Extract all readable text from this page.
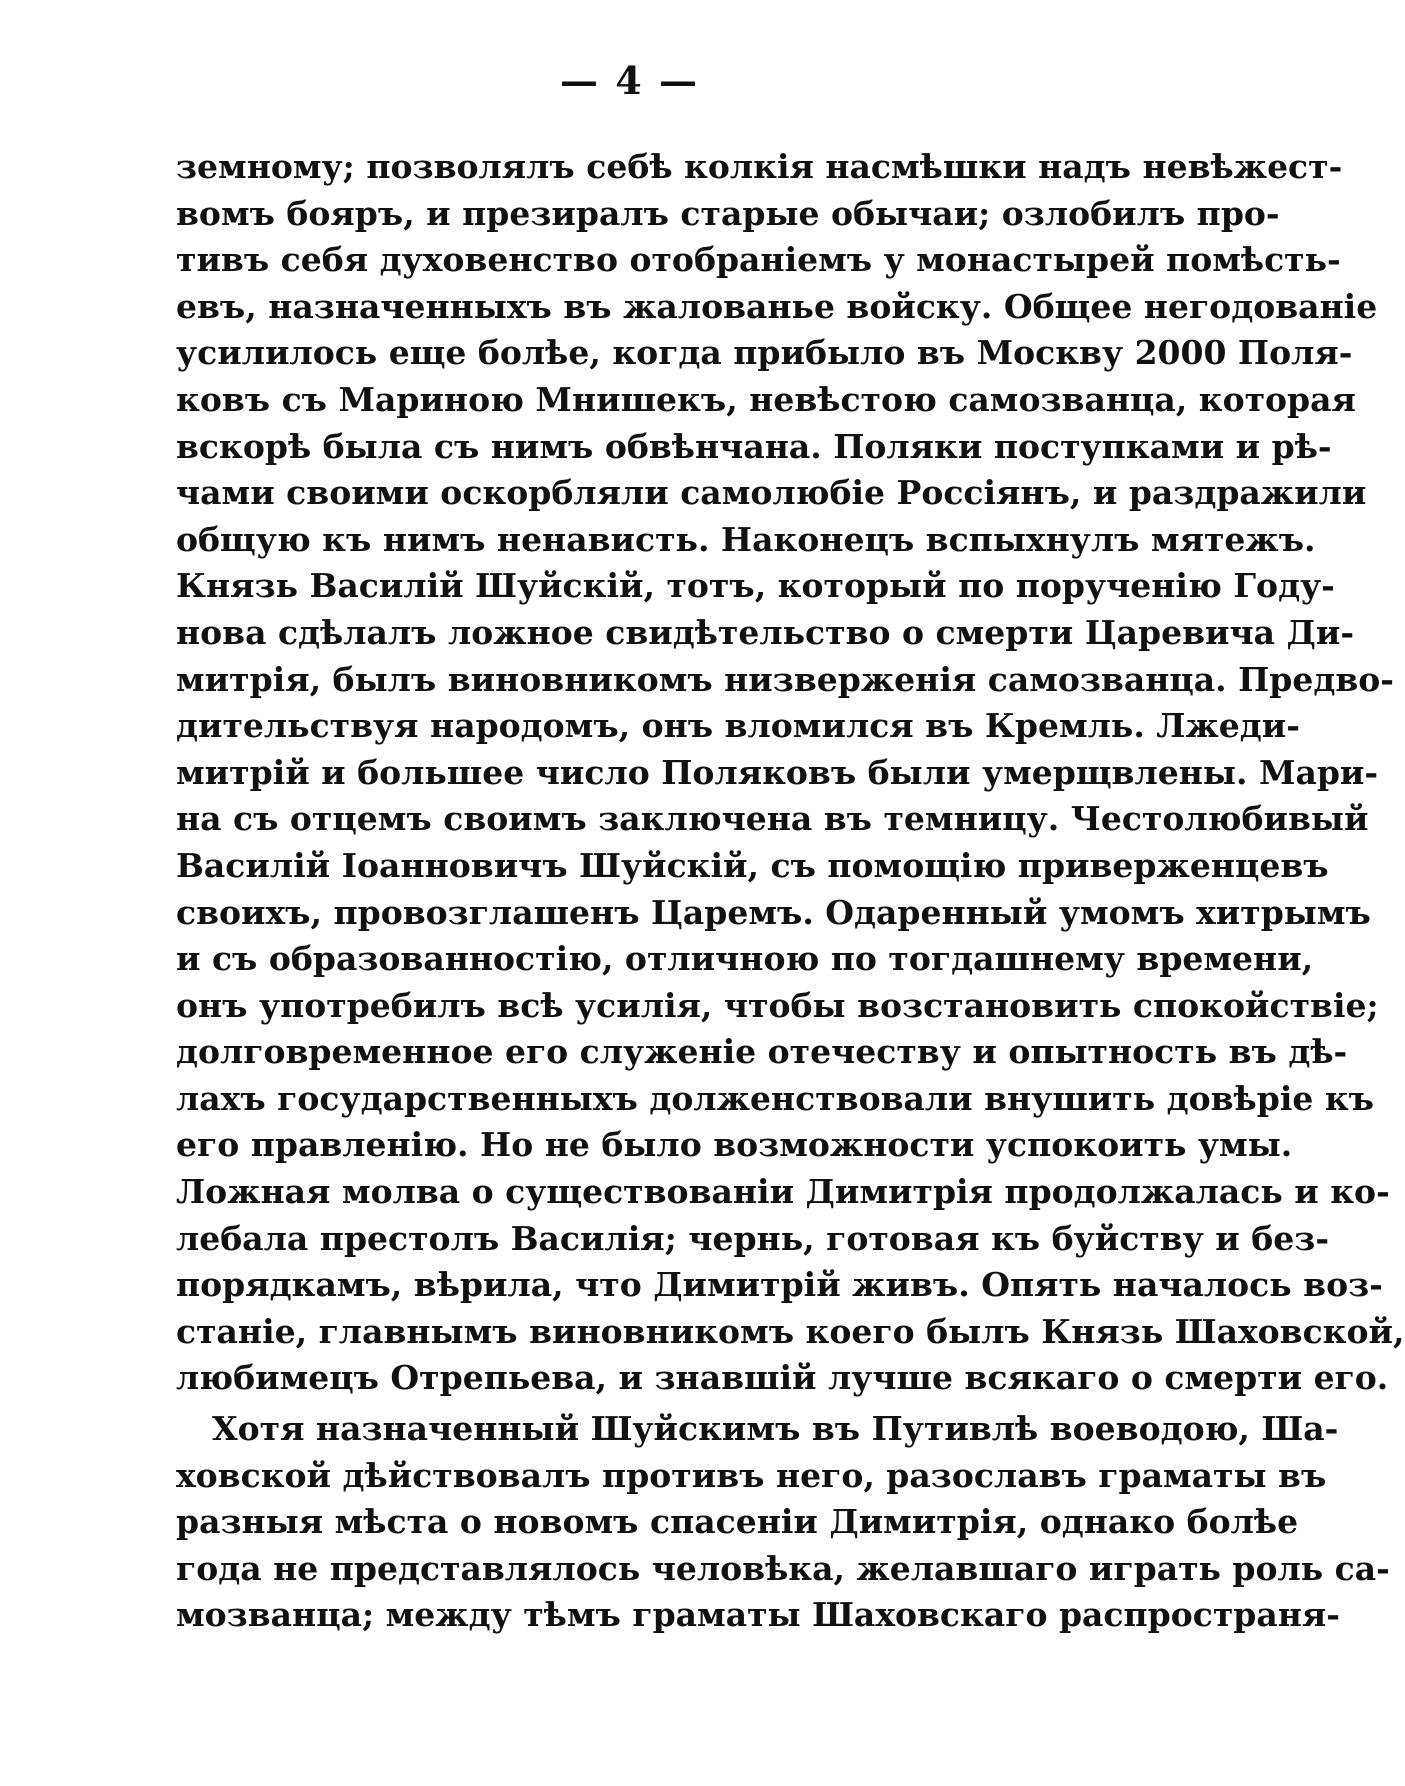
— 4 —
земному; позволялъ себѣ колкія насмѣшки надъ невѣжест-
вомъ бояръ, и презиралъ старые обычаи; озлобилъ про-
тивъ себя духовенство отобраніемъ у монастырей помѣсть-
евъ, назначенныхъ въ жалованье войску. Общее негодованіе
усилилось еще болѣе, когда прибыло въ Москву 2000 Поля-
ковъ съ Мариною Мнишекъ, невѣстою самозванца, которая
вскорѣ была съ нимъ обвѣнчана. Поляки поступками и рѣ-
чами своими оскорбляли самолюбіе Россіянъ, и раздражили
общую къ нимъ ненависть. Наконецъ вспыхнулъ мятежъ.
Князь Василій Шуйскій, тотъ, который по порученію Году-
нова сдѣлалъ ложное свидѣтельство о смерти Царевича Ди-
митрія, былъ виновникомъ низверженія самозванца. Предво-
дительствуя народомъ, онъ вломился въ Кремль. Лжеди-
митрій и большее число Поляковъ были умерщвлены. Мари-
на съ отцемъ своимъ заключена въ темницу. Честолюбивый
Василій Іоанновичъ Шуйскій, съ помощію приверженцевъ
своихъ, провозглашенъ Царемъ. Одаренный умомъ хитрымъ
и съ образованностію, отличною по тогдашнему времени,
онъ употребилъ всѣ усилія, чтобы возстановить спокойствіе;
долговременное его служеніе отечеству и опытность въ дѣ-
лахъ государственныхъ долженствовали внушить довѣріе къ
его правленію. Но не было возможности успокоить умы.
Ложная молва о существованіи Димитрія продолжалась и ко-
лебала престолъ Василія; чернь, готовая къ буйству и без-
порядкамъ, вѣрила, что Димитрій живъ. Опять началось воз-
станіе, главнымъ виновникомъ коего былъ Князь Шаховской,
любимецъ Отрепьева, и знавшій лучше всякаго о смерти его.
Хотя назначенный Шуйскимъ въ Путивлѣ воеводою, Ша-
ховской дѣйствовалъ противъ него, разославъ граматы въ
разныя мѣста о новомъ спасеніи Димитрія, однако болѣе
года не представлялось человѣка, желавшаго играть роль са-
мозванца; между тѣмъ граматы Шаховскаго распространя-
